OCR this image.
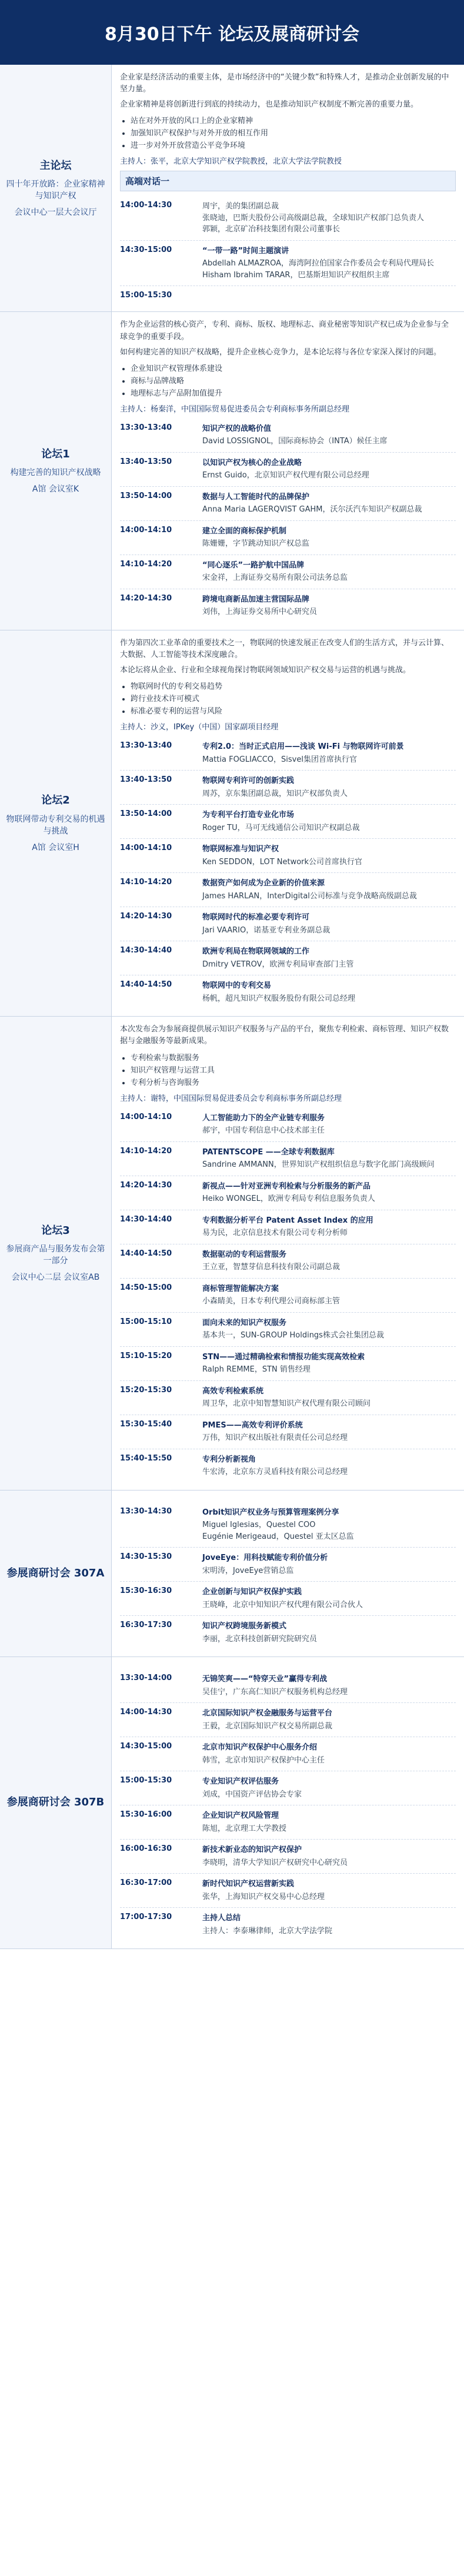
8月30日下午 论坛及展商研讨会
主论坛
四十年开放路：企业家精神与知识产权
会议中心一层大会议厅

企业家是经济活动的重要主体，是市场经济中的“关键少数”和特殊人才，是推动企业创新发展的中坚力量。

企业家精神是将创新进行到底的持续动力，也是推动知识产权制度不断完善的重要力量。

• 站在对外开放的风口上的企业家精神
• 加强知识产权保护与对外开放的相互作用
• 进一步对外开放营造公平竞争环境
主持人：张平，北京大学知识产权学院教授，北京大学法学院教授
高端对话一
14:00-14:30	周宇，美的集团副总裁
张晓迪，巴斯夫股份公司高级副总裁，全球知识产权部门总负责人
郭颖，北京矿冶科技集团有限公司董事长
14:30-15:00	“一带一路”时间主题演讲
Abdellah ALMAZROA，海湾阿拉伯国家合作委员会专利局代理局长
Hisham Ibrahim TARAR，巴基斯坦知识产权组织主席
15:00-15:30
论坛1
构建完善的知识产权战略
A馆 会议室K

作为企业运营的核心资产，专利、商标、版权、地理标志、商业秘密等知识产权已成为企业参与全球竞争的重要手段。

如何构建完善的知识产权战略，提升企业核心竞争力，是本论坛将与各位专家深入探讨的问题。

• 企业知识产权管理体系建设
• 商标与品牌战略
• 地理标志与产品附加值提升
主持人：杨秦洋，中国国际贸易促进委员会专利商标事务所副总经理
13:30-13:40	知识产权的战略价值
David LOSSIGNOL，国际商标协会（INTA）候任主席
13:40-13:50	以知识产权为核心的企业战略
Ernst Guido，北京知识产权代理有限公司总经理
13:50-14:00	数据与人工智能时代的品牌保护
Anna Maria LAGERQVIST GAHM，沃尔沃汽车知识产权副总裁
14:00-14:10	建立全面的商标保护机制
陈姗姗，字节跳动知识产权总监
14:10-14:20	“同心逐乐”一路护航中国品牌
宋金祥，上海证券交易所有限公司法务总监
14:20-14:30	跨境电商新品加速主营国际品牌
刘伟，上海证券交易所中心研究员
论坛2
物联网带动专利交易的机遇与挑战
A馆 会议室H

作为第四次工业革命的重要技术之一，物联网的快速发展正在改变人们的生活方式，并与云计算、大数据、人工智能等技术深度融合。

本论坛将从企业、行业和全球视角探讨物联网领域知识产权交易与运营的机遇与挑战。

• 物联网时代的专利交易趋势
• 跨行业技术许可模式
• 标准必要专利的运营与风险
主持人：沙义，IPKey（中国）国家副项目经理
13:30-13:40	专利2.0：当时正式启用——浅谈 Wi-Fi 与物联网许可前景
Mattia FOGLIACCO，Sisvel集团首席执行官
13:40-13:50	物联网专利许可的创新实践
周苏，京东集团副总裁，知识产权部负责人
13:50-14:00	为专利平台打造专业化市场
Roger TU，马可无线通信公司知识产权副总裁
14:00-14:10	物联网标准与知识产权
Ken SEDDON，LOT Network公司首席执行官
14:10-14:20	数据资产如何成为企业新的价值来源
James HARLAN，InterDigital公司标准与竞争战略高级副总裁
14:20-14:30	物联网时代的标准必要专利许可
Jari VAARIO，诺基亚专利业务副总裁
14:30-14:40	欧洲专利局在物联网领域的工作
Dmitry VETROV，欧洲专利局审查部门主管
14:40-14:50	物联网中的专利交易
杨帆，超凡知识产权服务股份有限公司总经理
论坛3
参展商产品与服务发布会第一部分
会议中心二层 会议室AB

本次发布会为参展商提供展示知识产权服务与产品的平台，聚焦专利检索、商标管理、知识产权数据与金融服务等最新成果。

• 专利检索与数据服务
• 知识产权管理与运营工具
• 专利分析与咨询服务
主持人：谢特，中国国际贸易促进委员会专利商标事务所副总经理
14:00-14:10	人工智能助力下的全产业链专利服务
郝宇，中国专利信息中心技术部主任
14:10-14:20	PATENTSCOPE ——全球专利数据库
Sandrine AMMANN，世界知识产权组织信息与数字化部门高级顾问
14:20-14:30	新视点——针对亚洲专利检索与分析服务的新产品
Heiko WONGEL，欧洲专利局专利信息服务负责人
14:30-14:40	专利数据分析平台 Patent Asset Index 的应用
易为民，北京信息技术有限公司专利分析师
14:40-14:50	数据驱动的专利运营服务
王立亚，智慧芽信息科技有限公司副总裁
14:50-15:00	商标管理智能解决方案
小森睛美，日本专利代理公司商标部主管
15:00-15:10	面向未来的知识产权服务
基本共一，SUN-GROUP Holdings株式会社集团总裁
15:10-15:20	STN——通过精确检索和情报功能实现高效检索
Ralph REMME，STN 销售经理
15:20-15:30	高效专利检索系统
周卫华，北京中知智慧知识产权代理有限公司顾问
15:30-15:40	PMES——高效专利评价系统
万伟，知识产权出版社有限责任公司总经理
15:40-15:50	专利分析新视角
牛宏涛，北京东方灵盾科技有限公司总经理
参展商研讨会 307A
13:30-14:30	Orbit知识产权业务与预算管理案例分享
Miguel Iglesias，Questel COO
Eugénie Merigeaud，Questel 亚太区总监
14:30-15:30	JoveEye：用科技赋能专利价值分析
宋明涛，JoveEye营销总监
15:30-16:30	企业创新与知识产权保护实践
王晓峰，北京中知知识产权代理有限公司合伙人
16:30-17:30	知识产权跨境服务新模式
李丽，北京科技创新研究院研究员
参展商研讨会 307B
13:30-14:00	无锦笑爽——“特穿天业”赢得专利战
吴佳宁，广东高仁知识产权服务机构总经理
14:00-14:30	北京国际知识产权金融服务与运营平台
王毅，北京国际知识产权交易所副总裁
14:30-15:00	北京市知识产权保护中心服务介绍
韩雪，北京市知识产权保护中心主任
15:00-15:30	专业知识产权评估服务
刘成，中国资产评估协会专家
15:30-16:00	企业知识产权风险管理
陈旭，北京理工大学教授
16:00-16:30	新技术新业态的知识产权保护
李晓明，清华大学知识产权研究中心研究员
16:30-17:00	新时代知识产权运营新实践
张华，上海知识产权交易中心总经理
17:00-17:30	主持人总结
主持人：李泰琳律师，北京大学法学院
